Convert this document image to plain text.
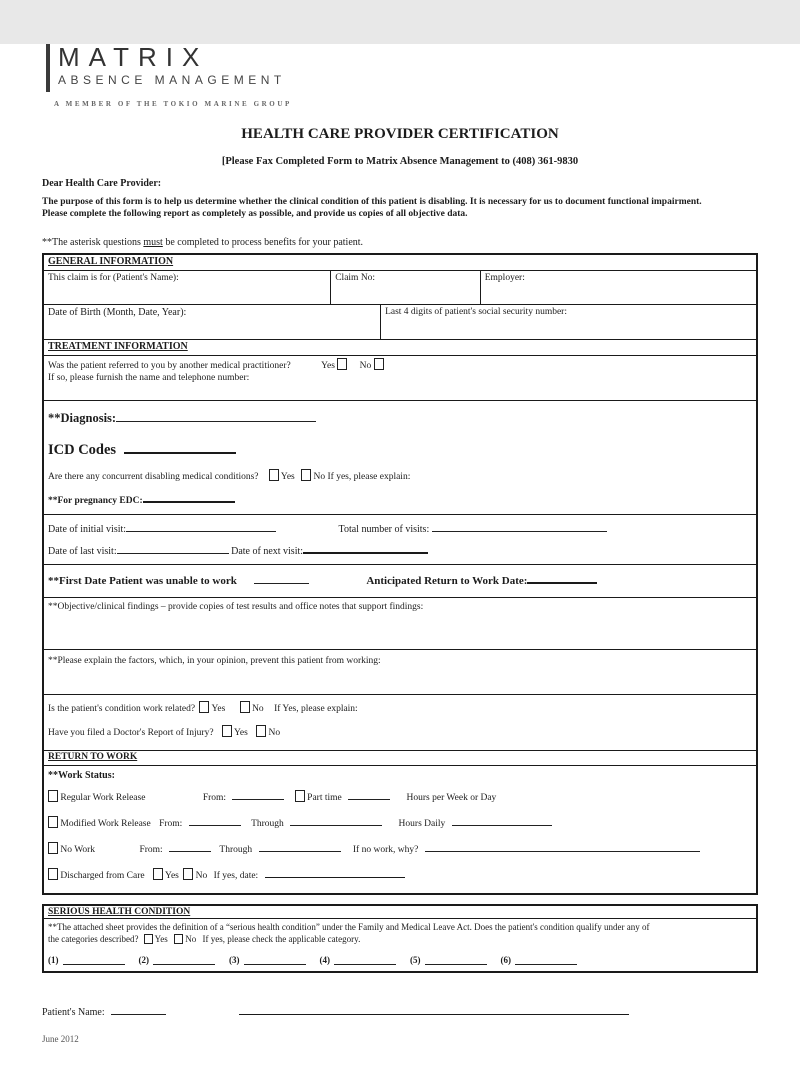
MATRIX
ABSENCE MANAGEMENT
A MEMBER OF THE TOKIO MARINE GROUP
HEALTH CARE PROVIDER CERTIFICATION
[Please Fax Completed Form to Matrix Absence Management to (408) 361-9830
Dear Health Care Provider:
The purpose of this form is to help us determine whether the clinical condition of this patient is disabling. It is necessary for us to document functional impairment.
Please complete the following report as completely as possible, and provide us copies of all objective data.
**The asterisk questions must be completed to process benefits for your patient.
GENERAL INFORMATION
This claim is for (Patient's Name):	Claim No:	Employer:
Date of Birth (Month, Date, Year):	Last 4 digits of patient's social security number:
TREATMENT INFORMATION
Was the patient referred to you by another medical practitioner?	Yes	No
If so, please furnish the name and telephone number:
**Diagnosis:
ICD Codes
Are there any concurrent disabling medical conditions? Yes No If yes, please explain:
**For pregnancy EDC:
Date of initial visit:	Total number of visits:
Date of last visit:	Date of next visit:
**First Date Patient was unable to work	Anticipated Return to Work Date:
**Objective/clinical findings – provide copies of test results and office notes that support findings:
**Please explain the factors, which, in your opinion, prevent this patient from working:
Is the patient's condition work related? Yes	No If Yes, please explain:
Have you filed a Doctor's Report of Injury? Yes No
RETURN TO WORK
**Work Status:
Regular Work Release	From:	Part time	Hours per Week or Day
Modified Work Release From:	Through	Hours Daily
No Work	From:	Through	If no work, why?
Discharged from Care Yes No If yes, date:
SERIOUS HEALTH CONDITION
**The attached sheet provides the definition of a “serious health condition” under the Family and Medical Leave Act. Does the patient's condition qualify under any of
the categories described? Yes No If yes, please check the applicable category.
(1)	(2)	(3)	(4)	(5)	(6)
Patient's Name:
June 2012
